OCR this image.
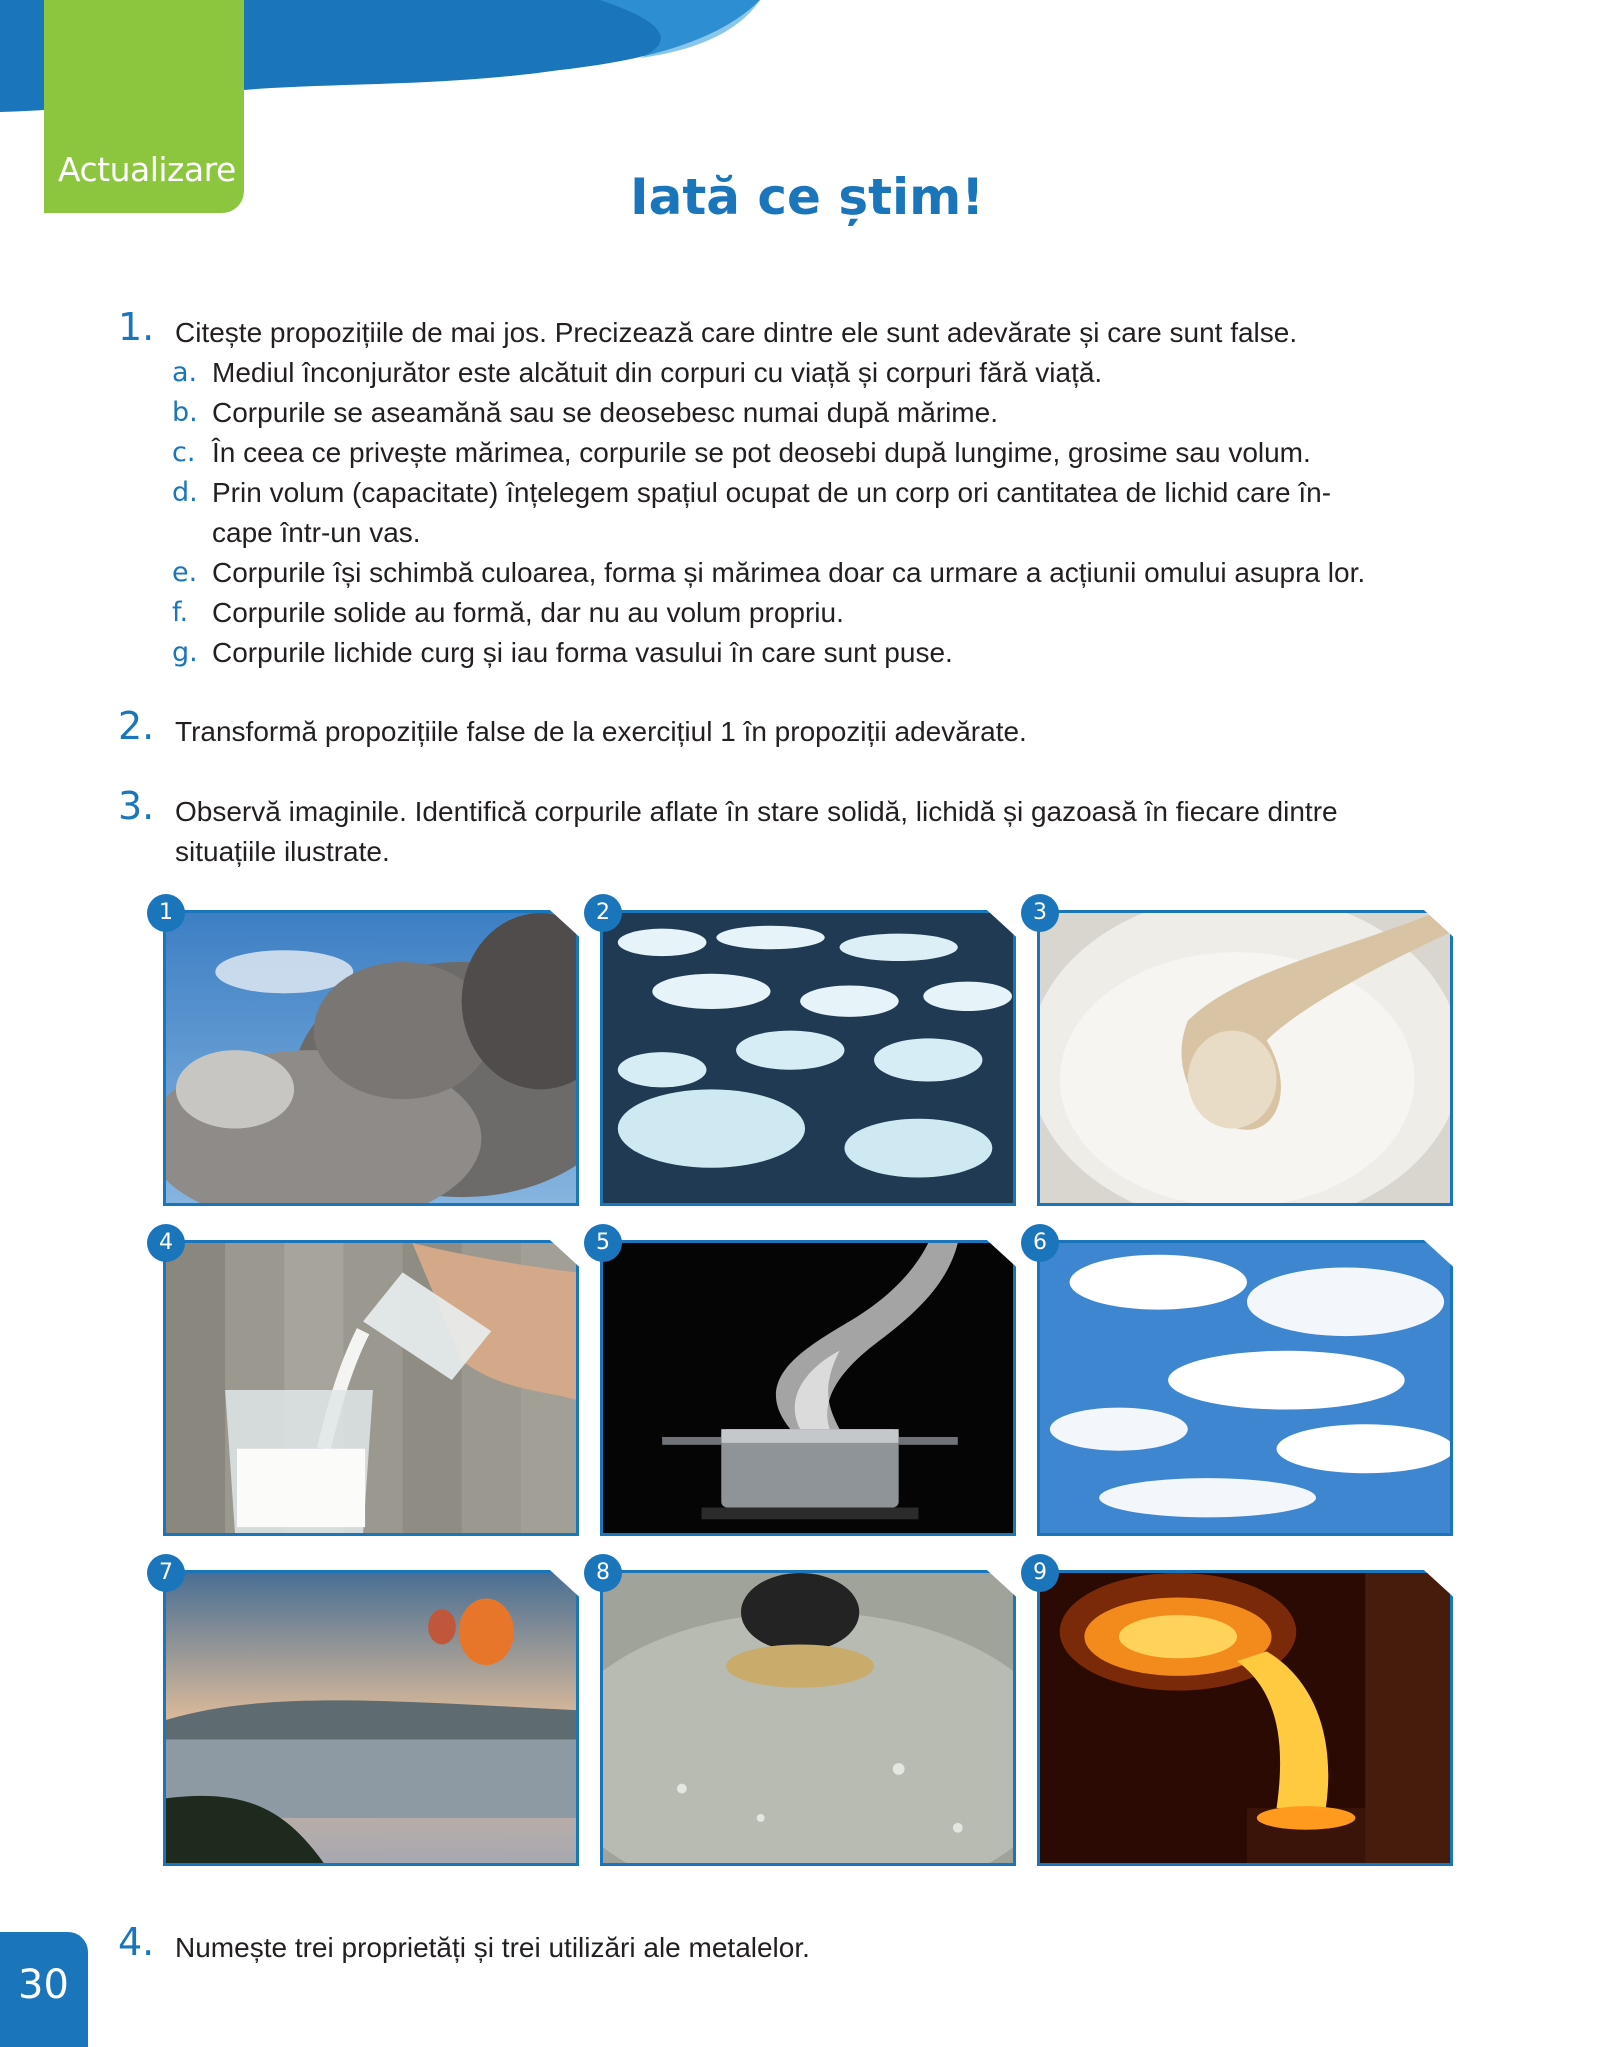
Actualizare	Iată ce știm!
1. Citește propozițiile de mai jos. Precizează care dintre ele sunt adevărate și care sunt false.
a. Mediul înconjurător este alcătuit din corpuri cu viață și corpuri fără viață.
b. Corpurile se aseamănă sau se deosebesc numai după mărime.
c. În ceea ce privește mărimea, corpurile se pot deosebi după lungime, grosime sau volum.
d. Prin volum (capacitate) înțelegem spațiul ocupat de un corp ori cantitatea de lichid care în-
cape într-un vas.
e. Corpurile își schimbă culoarea, forma și mărimea doar ca urmare a acțiunii omului asupra lor.
f. Corpurile solide au formă, dar nu au volum propriu.
g. Corpurile lichide curg și iau forma vasului în care sunt puse.
2. Transformă propozițiile false de la exercițiul 1 în propoziții adevărate.
3. Observă imaginile. Identifică corpurile aflate în stare solidă, lichidă și gazoasă în fiecare dintre
situațiile ilustrate.
1	2	3
4	5	6
7	8	9
4. Numește trei proprietăți și trei utilizări ale metalelor.
30
